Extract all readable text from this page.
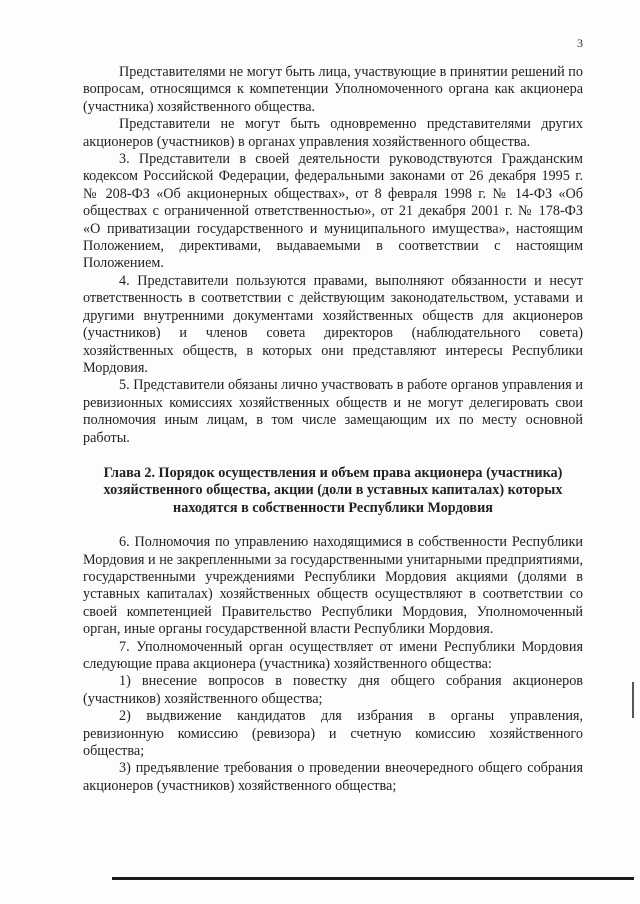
3

Представителями не могут быть лица, участвующие в принятии решений по вопросам, относящимся к компетенции Уполномоченного органа как акционера (участника) хозяйственного общества.

Представители не могут быть одновременно представителями других акционеров (участников) в органах управления хозяйственного общества.

3. Представители в своей деятельности руководствуются Гражданским кодексом Российской Федерации, федеральными законами от 26 декабря 1995 г. № 208-ФЗ «Об акционерных обществах», от 8 февраля 1998 г. № 14-ФЗ «Об обществах с ограниченной ответственностью», от 21 декабря 2001 г. № 178-ФЗ «О приватизации государственного и муниципального имущества», настоящим Положением, директивами, выдаваемыми в соответствии с настоящим Положением.

4. Представители пользуются правами, выполняют обязанности и несут ответственность в соответствии с действующим законодательством, уставами и другими внутренними документами хозяйственных обществ для акционеров (участников) и членов совета директоров (наблюдательного совета) хозяйственных обществ, в которых они представляют интересы Республики Мордовия.

5. Представители обязаны лично участвовать в работе органов управления и ревизионных комиссиях хозяйственных обществ и не могут делегировать свои полномочия иным лицам, в том числе замещающим их по месту основной работы.

Глава 2. Порядок осуществления и объем права акционера (участника) хозяйственного общества, акции (доли в уставных капиталах) которых находятся в собственности Республики Мордовия

6. Полномочия по управлению находящимися в собственности Республики Мордовия и не закрепленными за государственными унитарными предприятиями, государственными учреждениями Республики Мордовия акциями (долями в уставных капиталах) хозяйственных обществ осуществляют в соответствии со своей компетенцией Правительство Республики Мордовия, Уполномоченный орган, иные органы государственной власти Республики Мордовия.

7. Уполномоченный орган осуществляет от имени Республики Мордовия следующие права акционера (участника) хозяйственного общества:

1) внесение вопросов в повестку дня общего собрания акционеров (участников) хозяйственного общества;

2) выдвижение кандидатов для избрания в органы управления, ревизионную комиссию (ревизора) и счетную комиссию хозяйственного общества;

3) предъявление требования о проведении внеочередного общего собрания акционеров (участников) хозяйственного общества;
